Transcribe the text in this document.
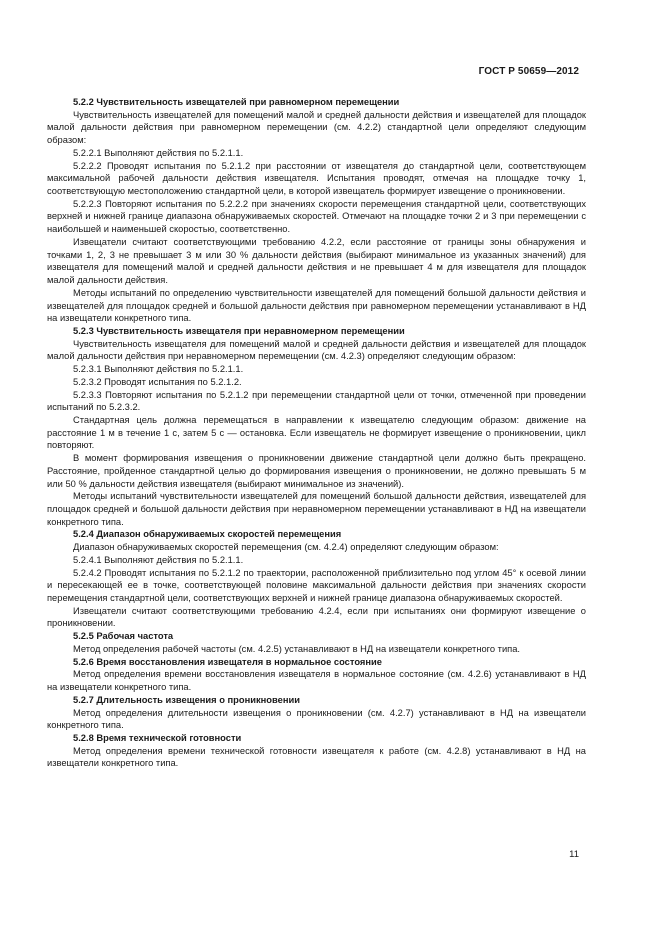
ГОСТ Р 50659—2012
5.2.2 Чувствительность извещателей при равномерном перемещении
Чувствительность извещателей для помещений малой и средней дальности действия и извещателей для площадок малой дальности действия при равномерном перемещении (см. 4.2.2) стандартной цели определяют следующим образом:
5.2.2.1 Выполняют действия по 5.2.1.1.
5.2.2.2 Проводят испытания по 5.2.1.2 при расстоянии от извещателя до стандартной цели, соответствующем максимальной рабочей дальности действия извещателя. Испытания проводят, отмечая на площадке точку 1, соответствующую местоположению стандартной цели, в которой извещатель формирует извещение о проникновении.
5.2.2.3 Повторяют испытания по 5.2.2.2 при значениях скорости перемещения стандартной цели, соответствующих верхней и нижней границе диапазона обнаруживаемых скоростей. Отмечают на площадке точки 2 и 3 при перемещении с наибольшей и наименьшей скоростью, соответственно.
Извещатели считают соответствующими требованию 4.2.2, если расстояние от границы зоны обнаружения и точками 1, 2, 3 не превышает 3 м или 30 % дальности действия (выбирают минимальное из указанных значений) для извещателя для помещений малой и средней дальности действия и не превышает 4 м для извещателя для площадок малой дальности действия.
Методы испытаний по определению чувствительности извещателей для помещений большой дальности действия и извещателей для площадок средней и большой дальности действия при равномерном перемещении устанавливают в НД на извещатели конкретного типа.
5.2.3 Чувствительность извещателя при неравномерном перемещении
Чувствительность извещателя для помещений малой и средней дальности действия и извещателей для площадок малой дальности действия при неравномерном перемещении (см. 4.2.3) определяют следующим образом:
5.2.3.1 Выполняют действия по 5.2.1.1.
5.2.3.2 Проводят испытания по 5.2.1.2.
5.2.3.3 Повторяют испытания по 5.2.1.2 при перемещении стандартной цели от точки, отмеченной при проведении испытаний по 5.2.3.2.
Стандартная цель должна перемещаться в направлении к извещателю следующим образом: движение на расстояние 1 м в течение 1 с, затем 5 с — остановка. Если извещатель не формирует извещение о проникновении, цикл повторяют.
В момент формирования извещения о проникновении движение стандартной цели должно быть прекращено. Расстояние, пройденное стандартной целью до формирования извещения о проникновении, не должно превышать 5 м или 50 % дальности действия извещателя (выбирают минимальное из значений).
Методы испытаний чувствительности извещателей для помещений большой дальности действия, извещателей для площадок средней и большой дальности действия при неравномерном перемещении устанавливают в НД на извещатели конкретного типа.
5.2.4 Диапазон обнаруживаемых скоростей перемещения
Диапазон обнаруживаемых скоростей перемещения (см. 4.2.4) определяют следующим образом:
5.2.4.1 Выполняют действия по 5.2.1.1.
5.2.4.2 Проводят испытания по 5.2.1.2 по траектории, расположенной приблизительно под углом 45° к осевой линии и пересекающей ее в точке, соответствующей половине максимальной дальности действия при значениях скорости перемещения стандартной цели, соответствующих верхней и нижней границе диапазона обнаруживаемых скоростей.
Извещатели считают соответствующими требованию 4.2.4, если при испытаниях они формируют извещение о проникновении.
5.2.5 Рабочая частота
Метод определения рабочей частоты (см. 4.2.5) устанавливают в НД на извещатели конкретного типа.
5.2.6 Время восстановления извещателя в нормальное состояние
Метод определения времени восстановления извещателя в нормальное состояние (см. 4.2.6) устанавливают в НД на извещатели конкретного типа.
5.2.7 Длительность извещения о проникновении
Метод определения длительности извещения о проникновении (см. 4.2.7) устанавливают в НД на извещатели конкретного типа.
5.2.8 Время технической готовности
Метод определения времени технической готовности извещателя к работе (см. 4.2.8) устанавливают в НД на извещатели конкретного типа.
11
